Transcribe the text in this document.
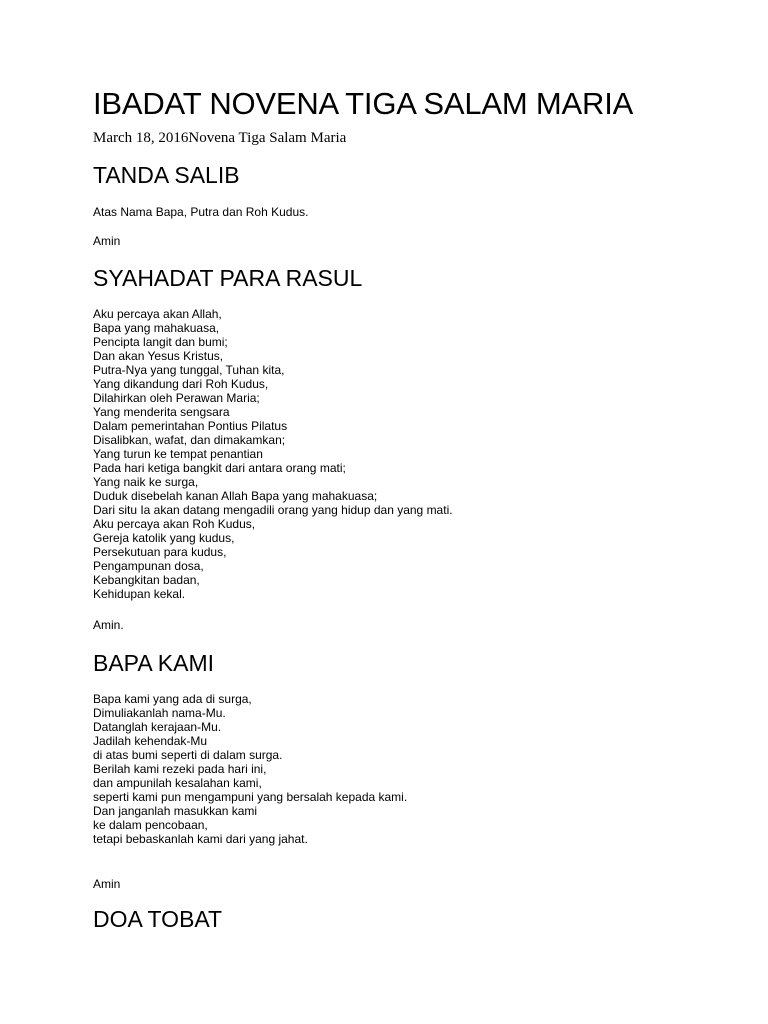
IBADAT NOVENA TIGA SALAM MARIA
March 18, 2016Novena Tiga Salam Maria
TANDA SALIB

Atas Nama Bapa, Putra dan Roh Kudus.

Amin

SYAHADAT PARA RASUL
Aku percaya akan Allah,
Bapa yang mahakuasa,
Pencipta langit dan bumi;
Dan akan Yesus Kristus,
Putra-Nya yang tunggal, Tuhan kita,
Yang dikandung dari Roh Kudus,
Dilahirkan oleh Perawan Maria;
Yang menderita sengsara
Dalam pemerintahan Pontius Pilatus
Disalibkan, wafat, dan dimakamkan;
Yang turun ke tempat penantian
Pada hari ketiga bangkit dari antara orang mati;
Yang naik ke surga,
Duduk disebelah kanan Allah Bapa yang mahakuasa;
Dari situ Ia akan datang mengadili orang yang hidup dan yang mati.
Aku percaya akan Roh Kudus,
Gereja katolik yang kudus,
Persekutuan para kudus,
Pengampunan dosa,
Kebangkitan badan,
Kehidupan kekal.

Amin.

BAPA KAMI
Bapa kami yang ada di surga,
Dimuliakanlah nama-Mu.
Datanglah kerajaan-Mu.
Jadilah kehendak-Mu
di atas bumi seperti di dalam surga.
Berilah kami rezeki pada hari ini,
dan ampunilah kesalahan kami,
seperti kami pun mengampuni yang bersalah kepada kami.
Dan janganlah masukkan kami
ke dalam pencobaan,
tetapi bebaskanlah kami dari yang jahat.

Amin

DOA TOBAT
